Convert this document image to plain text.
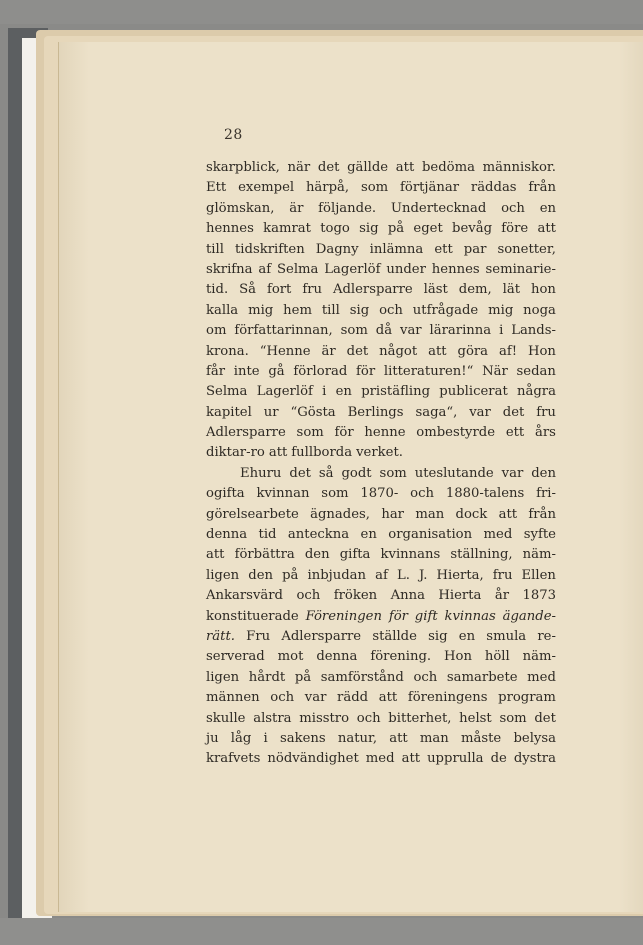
28
skarpblick, när det gällde att bedöma människor.
Ett exempel härpå, som förtjänar räddas från
glömskan, är följande. Undertecknad och en
hennes kamrat togo sig på eget bevåg före att
till tidskriften Dagny inlämna ett par sonetter,
skrifna af Selma Lagerlöf under hennes seminarie-
tid. Så fort fru Adlersparre läst dem, lät hon
kalla mig hem till sig och utfrågade mig noga
om författarinnan, som då var lärarinna i Lands-
krona. “Henne är det något att göra af! Hon
får inte gå förlorad för litteraturen!“ När sedan
Selma Lagerlöf i en pristäfling publicerat några
kapitel ur “Gösta Berlings saga“, var det fru
Adlersparre som för henne ombestyrde ett års
diktar-ro att fullborda verket.
Ehuru det så godt som uteslutande var den
ogifta kvinnan som 1870- och 1880-talens fri-
görelsearbete ägnades, har man dock att från
denna tid anteckna en organisation med syfte
att förbättra den gifta kvinnans ställning, näm-
ligen den på inbjudan af L. J. Hierta, fru Ellen
Ankarsvärd och fröken Anna Hierta år 1873
konstituerade Föreningen för gift kvinnas ägande-
rätt. Fru Adlersparre ställde sig en smula re-
serverad mot denna förening. Hon höll näm-
ligen hårdt på samförstånd och samarbete med
männen och var rädd att föreningens program
skulle alstra misstro och bitterhet, helst som det
ju låg i sakens natur, att man måste belysa
krafvets nödvändighet med att upprulla de dystra
